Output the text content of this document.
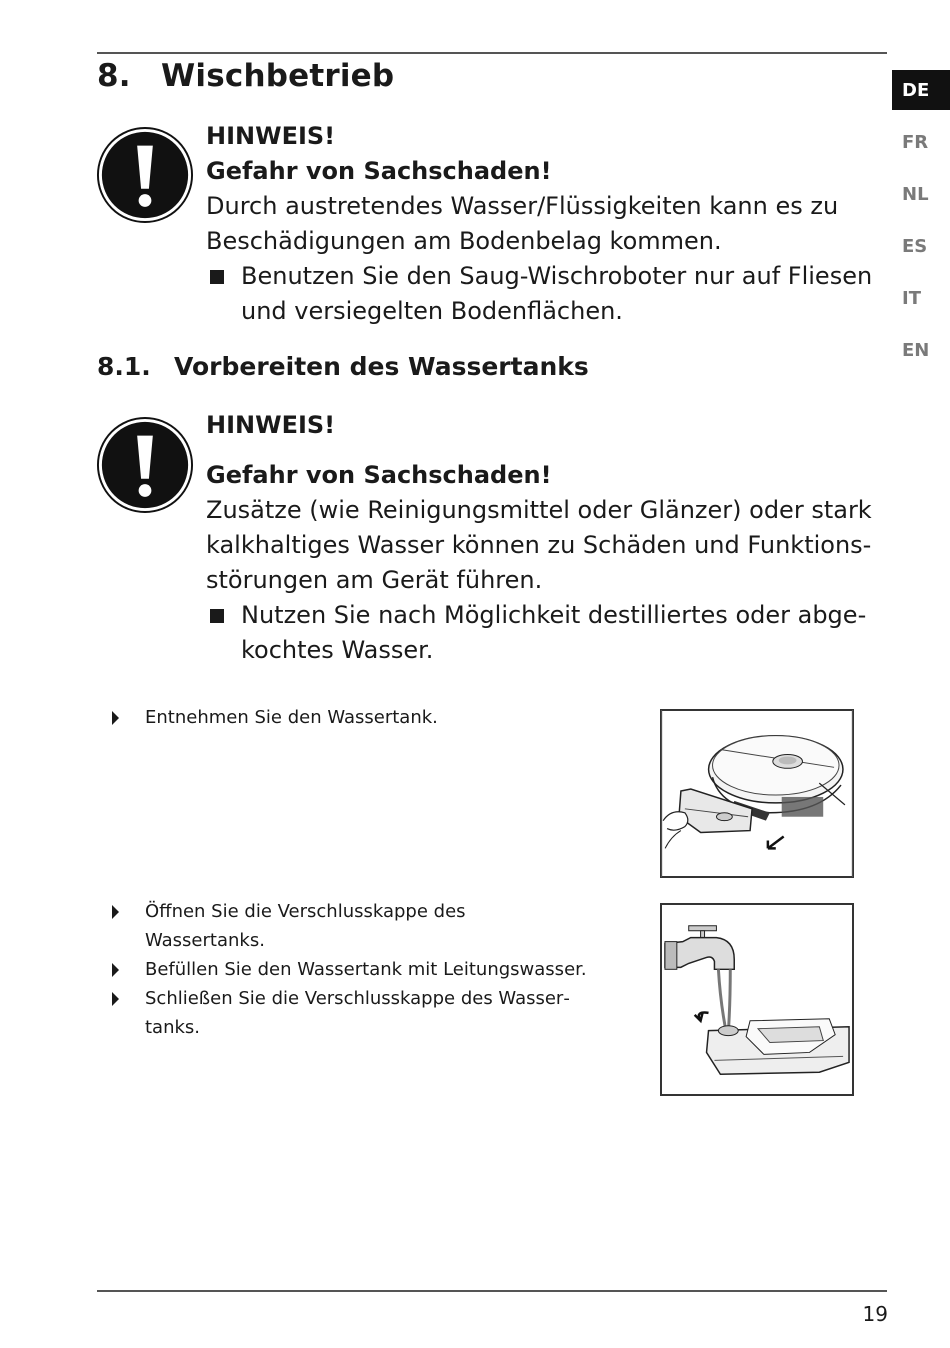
8. Wischbetrieb
HINWEIS!
Gefahr von Sachschaden!
Durch austretendes Wasser/Flüssigkeiten kann es zu Beschädigungen am Bodenbelag kommen.
Benutzen Sie den Saug-Wischroboter nur auf Fliesen und versiegelten Bodenflächen.
8.1. Vorbereiten des Wassertanks
HINWEIS!
Gefahr von Sachschaden!
Zusätze (wie Reinigungsmittel oder Glänzer) oder stark kalkhaltiges Wasser können zu Schäden und Funktionsstörungen am Gerät führen.
Nutzen Sie nach Möglichkeit destilliertes oder abgekochtes Wasser.
DE
FR
NL
ES
IT
EN
Entnehmen Sie den Wassertank.
Öffnen Sie die Verschlusskappe des Wassertanks.
Befüllen Sie den Wassertank mit Leitungswasser.
Schließen Sie die Verschlusskappe des Wassertanks.
19
